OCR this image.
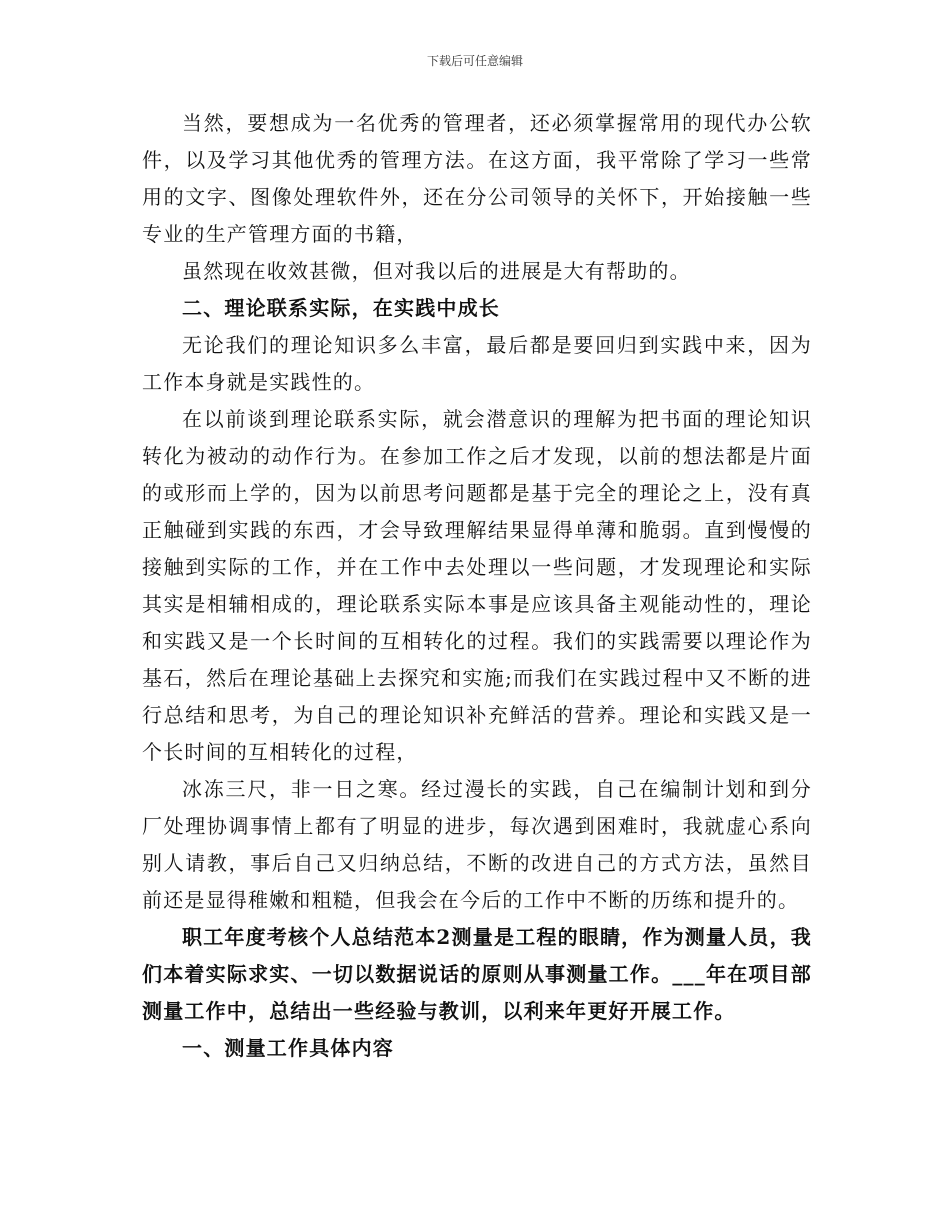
下载后可任意编辑

当然，要想成为一名优秀的管理者，还必须掌握常用的现代办公软件，以及学习其他优秀的管理方法。在这方面，我平常除了学习一些常用的文字、图像处理软件外，还在分公司领导的关怀下，开始接触一些专业的生产管理方面的书籍，

虽然现在收效甚微，但对我以后的进展是大有帮助的。

二、理论联系实际，在实践中成长

无论我们的理论知识多么丰富，最后都是要回归到实践中来，因为工作本身就是实践性的。

在以前谈到理论联系实际，就会潜意识的理解为把书面的理论知识转化为被动的动作行为。在参加工作之后才发现，以前的想法都是片面的或形而上学的，因为以前思考问题都是基于完全的理论之上，没有真正触碰到实践的东西，才会导致理解结果显得单薄和脆弱。直到慢慢的接触到实际的工作，并在工作中去处理以一些问题，才发现理论和实际其实是相辅相成的，理论联系实际本事是应该具备主观能动性的，理论和实践又是一个长时间的互相转化的过程。我们的实践需要以理论作为基石，然后在理论基础上去探究和实施;而我们在实践过程中又不断的进行总结和思考，为自己的理论知识补充鲜活的营养。理论和实践又是一个长时间的互相转化的过程，

冰冻三尺，非一日之寒。经过漫长的实践，自己在编制计划和到分厂处理协调事情上都有了明显的进步，每次遇到困难时，我就虚心系向别人请教，事后自己又归纳总结，不断的改进自己的方式方法，虽然目前还是显得稚嫩和粗糙，但我会在今后的工作中不断的历练和提升的。

职工年度考核个人总结范本2测量是工程的眼睛，作为测量人员，我们本着实际求实、一切以数据说话的原则从事测量工作。___年在项目部测量工作中，总结出一些经验与教训，以利来年更好开展工作。

一、测量工作具体内容
